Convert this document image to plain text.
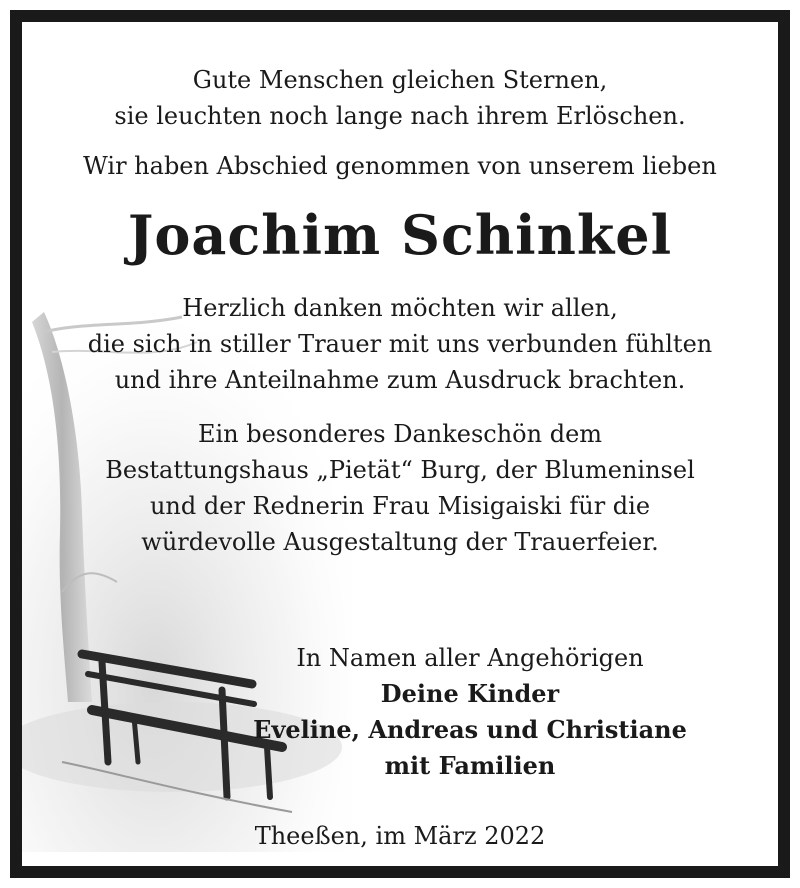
Gute Menschen gleichen Sternen,
sie leuchten noch lange nach ihrem Erlöschen.
Wir haben Abschied genommen von unserem lieben
Joachim Schinkel
Herzlich danken möchten wir allen,
die sich in stiller Trauer mit uns verbunden fühlten
und ihre Anteilnahme zum Ausdruck brachten.
Ein besonderes Dankeschön dem
Bestattungshaus „Pietät“ Burg, der Blumeninsel
und der Rednerin Frau Misigaiski für die
würdevolle Ausgestaltung der Trauerfeier.
In Namen aller Angehörigen
Deine Kinder
Eveline, Andreas und Christiane
mit Familien
Theeßen, im März 2022
